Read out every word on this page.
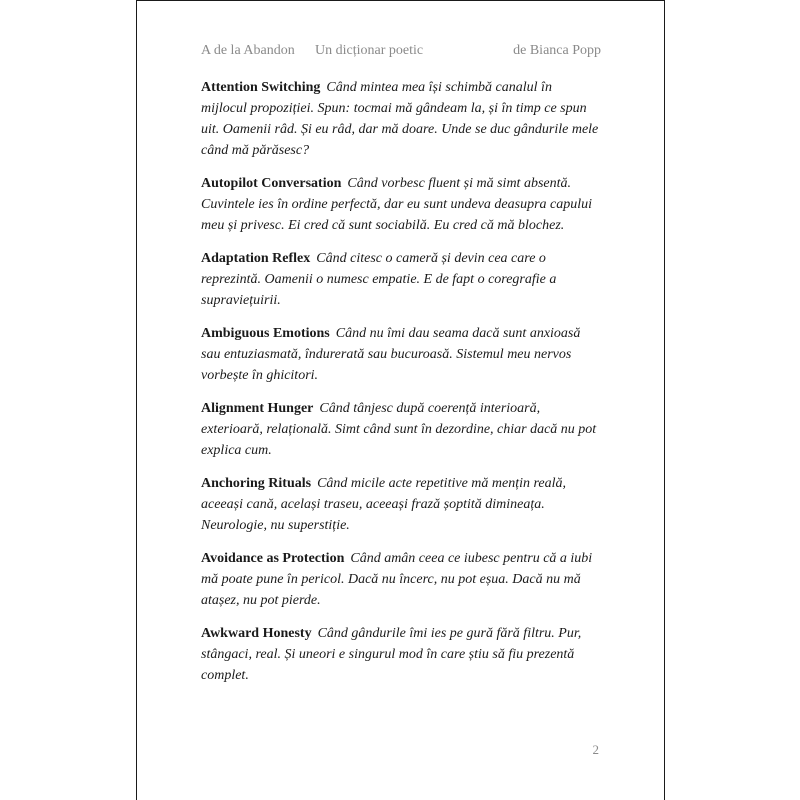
A de la Abandon Un dicționar poetic	de Bianca Popp

Attention Switching Când mintea mea își schimbă canalul în mijlocul propoziției. Spun: tocmai mă gândeam la, și în timp ce spun uit. Oamenii râd. Și eu râd, dar mă doare. Unde se duc gândurile mele când mă părăsesc?

Autopilot Conversation Când vorbesc fluent și mă simt absentă. Cuvintele ies în ordine perfectă, dar eu sunt undeva deasupra capului meu și privesc. Ei cred că sunt sociabilă. Eu cred că mă blochez.

Adaptation Reflex Când citesc o cameră și devin cea care o reprezintă. Oamenii o numesc empatie. E de fapt o coregrafie a supraviețuirii.

Ambiguous Emotions Când nu îmi dau seama dacă sunt anxioasă sau entuziasmată, îndurerată sau bucuroasă. Sistemul meu nervos vorbește în ghicitori.

Alignment Hunger Când tânjesc după coerență interioară, exterioară, relațională. Simt când sunt în dezordine, chiar dacă nu pot explica cum.

Anchoring Rituals Când micile acte repetitive mă mențin reală, aceeași cană, același traseu, aceeași frază șoptită dimineața. Neurologie, nu superstiție.

Avoidance as Protection Când amân ceea ce iubesc pentru că a iubi mă poate pune în pericol. Dacă nu încerc, nu pot eșua. Dacă nu mă atașez, nu pot pierde.

Awkward Honesty Când gândurile îmi ies pe gură fără filtru. Pur, stângaci, real. Și uneori e singurul mod în care știu să fiu prezentă complet.

2
